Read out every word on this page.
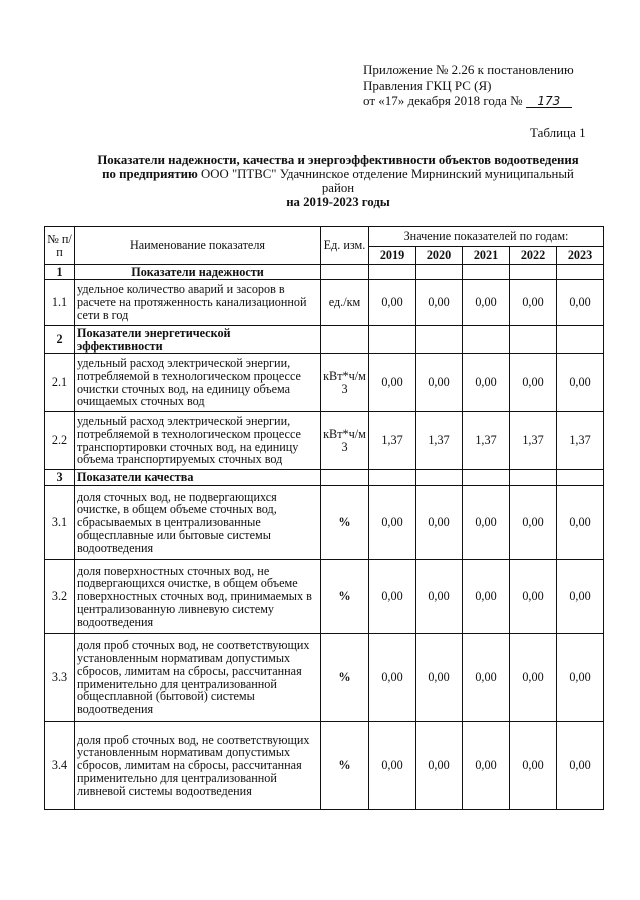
Приложение № 2.26 к постановлению
Правления ГКЦ РС (Я)
от «17» декабря 2018 года № 173
Таблица 1
Показатели надежности, качества и энергоэффективности объектов водоотведения
по предприятию ООО "ПТВС" Удачнинское отделение Мирнинский муниципальный
район
на 2019-2023 годы
№ п/п	Наименование показателя	Ед. изм.	Значение показателей по годам:				
			2019	2020	2021	2022	2023
1	Показатели надежности						
1.1	удельное количество аварий и засоров в расчете на протяженность канализационной сети в год	ед./км	0,00	0,00	0,00	0,00	0,00
2	Показатели энергетической эффективности						
2.1	удельный расход электрической энергии, потребляемой в технологическом процессе очистки сточных вод, на единицу объема очищаемых сточных вод	кВт*ч/м3	0,00	0,00	0,00	0,00	0,00
2.2	удельный расход электрической энергии, потребляемой в технологическом процессе транспортировки сточных вод, на единицу объема транспортируемых сточных вод	кВт*ч/м3	1,37	1,37	1,37	1,37	1,37
3	Показатели качества						
3.1	доля сточных вод, не подвергающихся очистке, в общем объеме сточных вод, сбрасываемых в централизованные общесплавные или бытовые системы водоотведения	%	0,00	0,00	0,00	0,00	0,00
3.2	доля поверхностных сточных вод, не подвергающихся очистке, в общем объеме поверхностных сточных вод, принимаемых в централизованную ливневую систему водоотведения	%	0,00	0,00	0,00	0,00	0,00
3.3	доля проб сточных вод, не соответствующих установленным нормативам допустимых сбросов, лимитам на сбросы, рассчитанная применительно для централизованной общесплавной (бытовой) системы водоотведения	%	0,00	0,00	0,00	0,00	0,00
3.4	доля проб сточных вод, не соответствующих установленным нормативам допустимых сбросов, лимитам на сбросы, рассчитанная применительно для централизованной ливневой системы водоотведения	%	0,00	0,00	0,00	0,00	0,00
